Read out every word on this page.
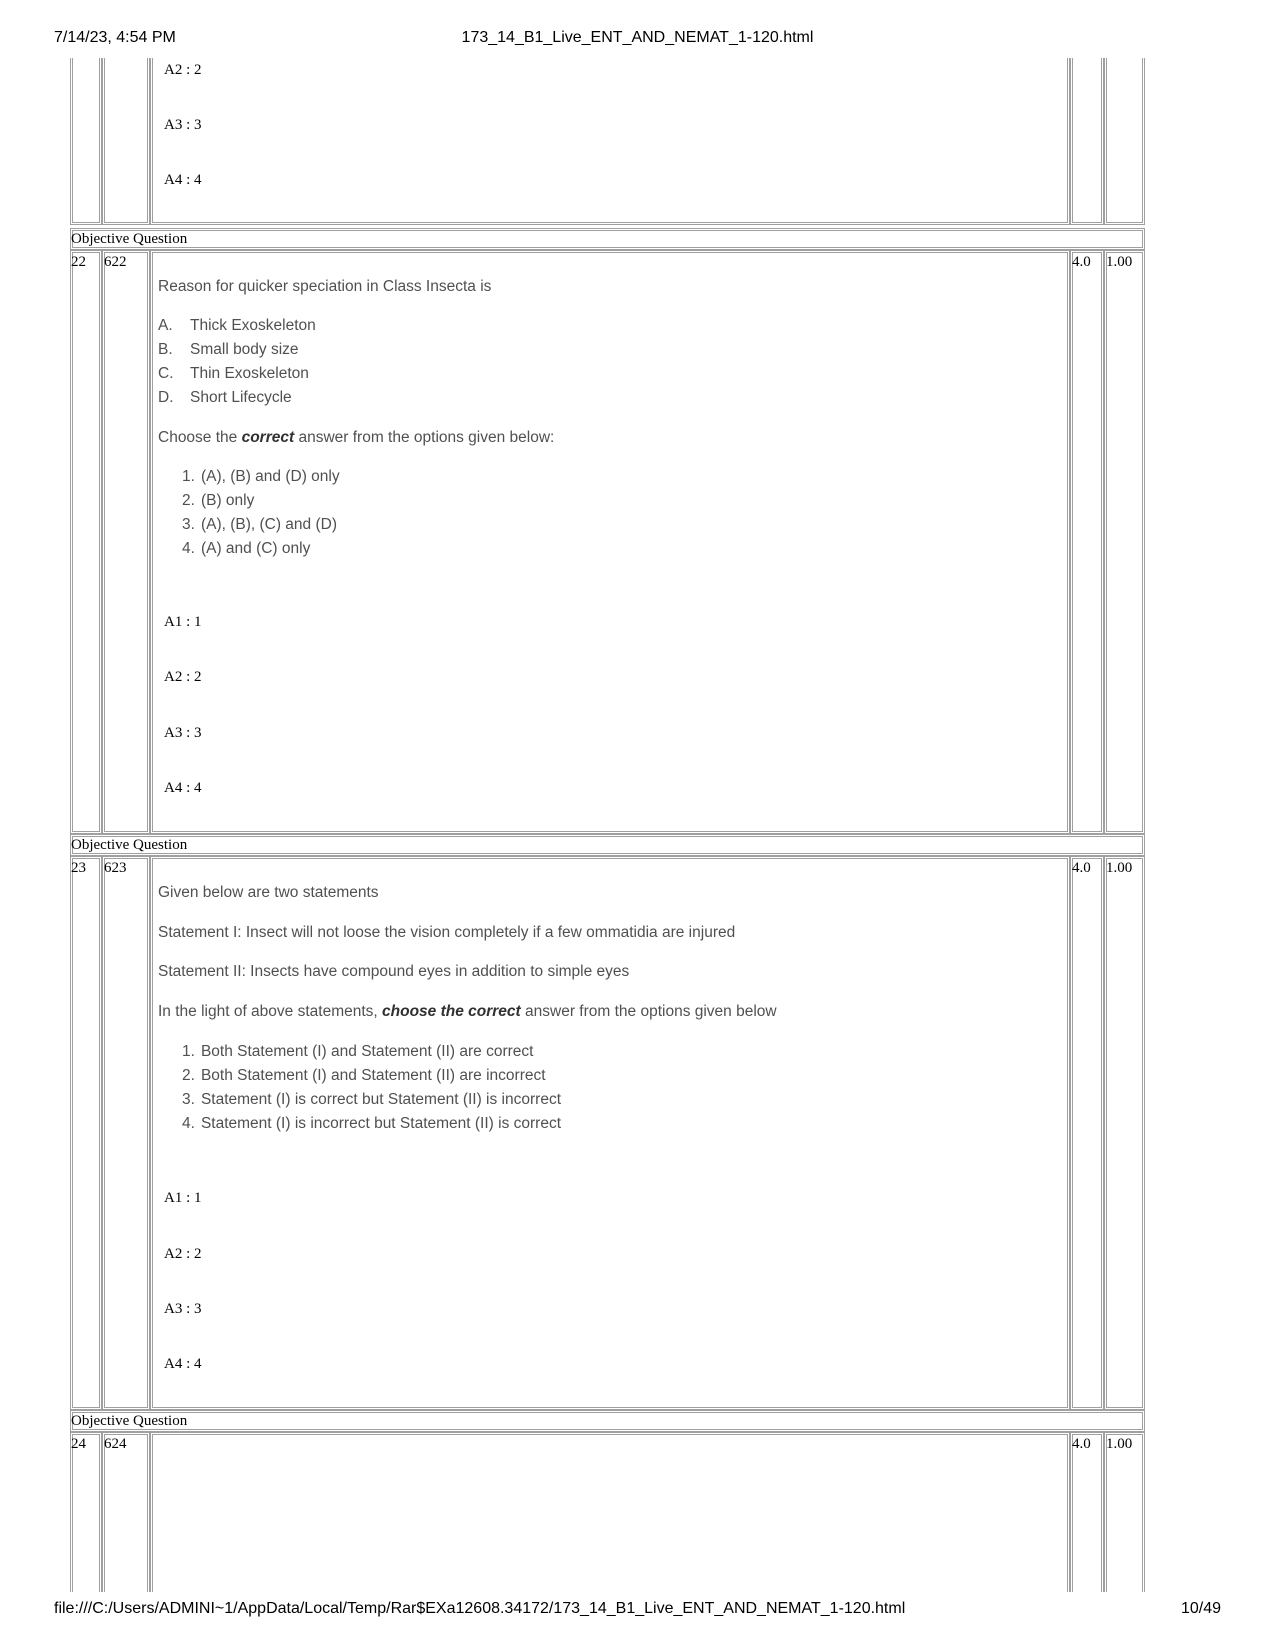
7/14/23, 4:54 PM	173_14_B1_Live_ENT_AND_NEMAT_1-120.html
A2 : 2
A3 : 3
A4 : 4
Objective Question
22 622	4.0 1.00
Reason for quicker speciation in Class Insecta is
A. Thick Exoskeleton
B. Small body size
C. Thin Exoskeleton
D. Short Lifecycle
Choose the correct answer from the options given below:
1. (A), (B) and (D) only
2. (B) only
3. (A), (B), (C) and (D)
4. (A) and (C) only
A1 : 1
A2 : 2
A3 : 3
A4 : 4
Objective Question
23 623	4.0 1.00
Given below are two statements
Statement I: Insect will not loose the vision completely if a few ommatidia are injured
Statement II: Insects have compound eyes in addition to simple eyes
In the light of above statements, choose the correct answer from the options given below
1. Both Statement (I) and Statement (II) are correct
2. Both Statement (I) and Statement (II) are incorrect
3. Statement (I) is correct but Statement (II) is incorrect
4. Statement (I) is incorrect but Statement (II) is correct
A1 : 1
A2 : 2
A3 : 3
A4 : 4
Objective Question
24 624	4.0 1.00
file:///C:/Users/ADMINI~1/AppData/Local/Temp/Rar$EXa12608.34172/173_14_B1_Live_ENT_AND_NEMAT_1-120.html	10/49
